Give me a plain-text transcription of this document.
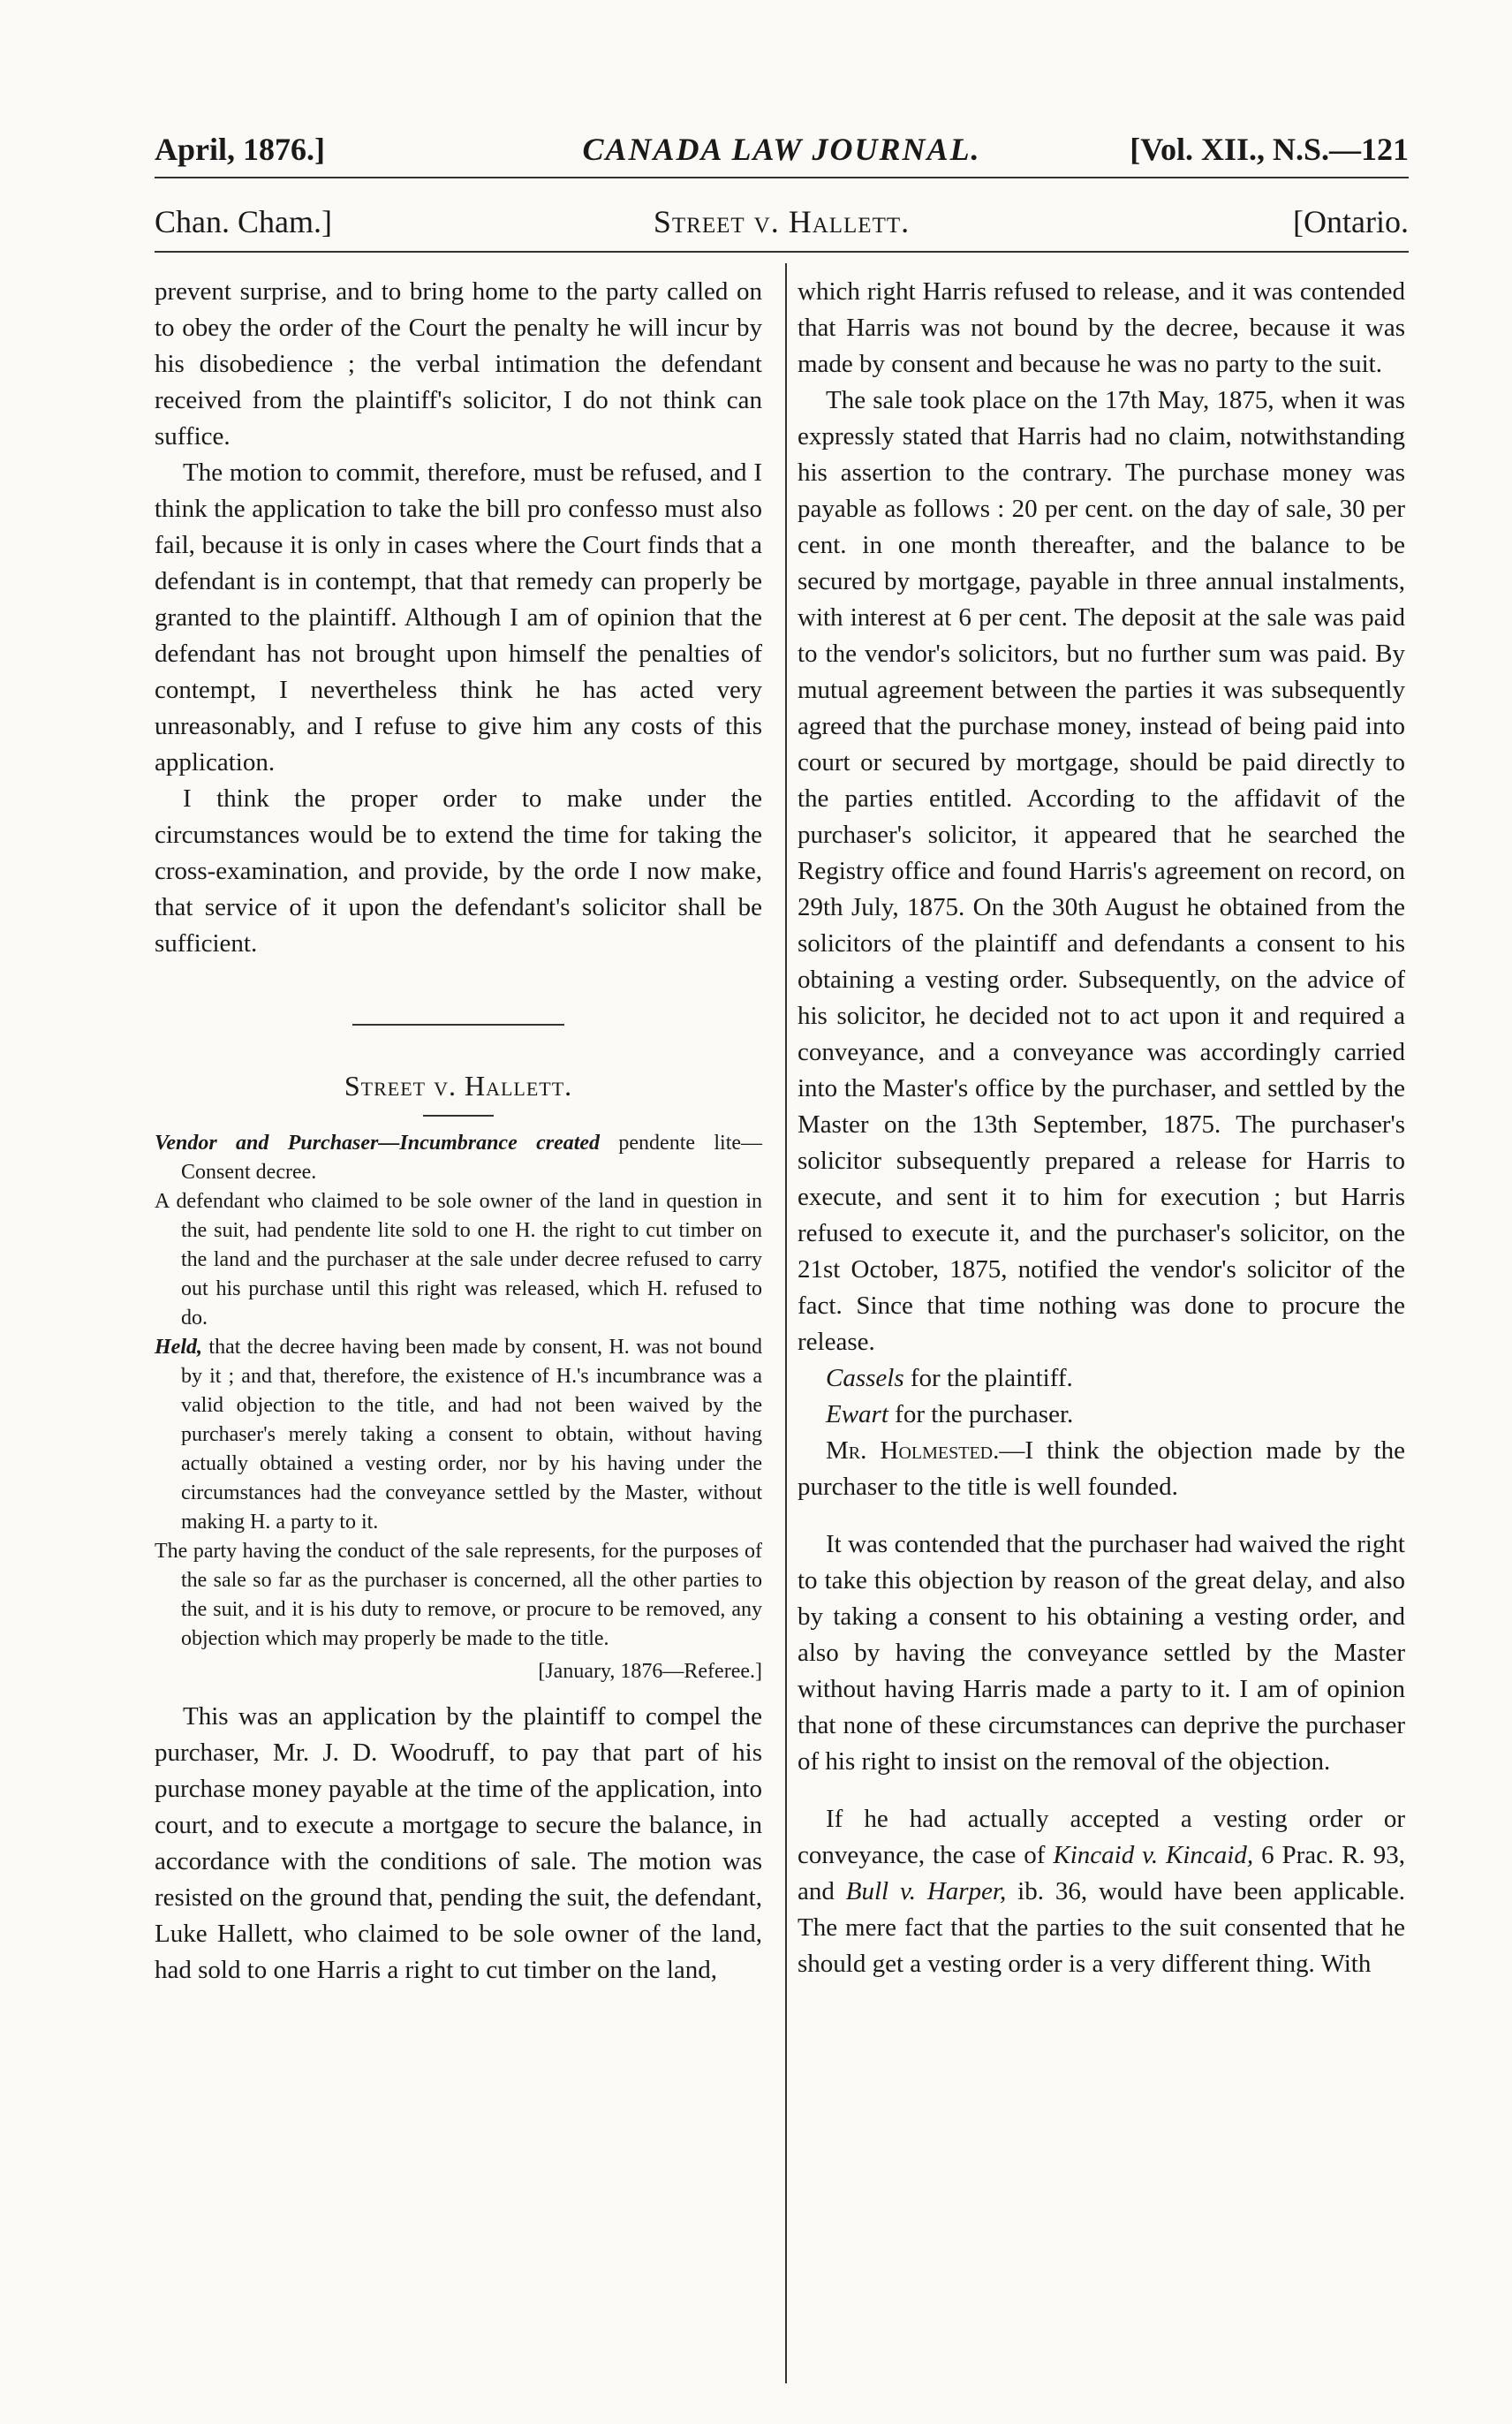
April, 1876.]	CANADA LAW JOURNAL.	[Vol. XII., N.S.—121
Chan. Cham.]	Street v. Hallett.	[Ontario.

prevent surprise, and to bring home to the party called on to obey the order of the Court the penalty he will incur by his disobedience ; the verbal intimation the defendant received from the plaintiff's solicitor, I do not think can suffice.

The motion to commit, therefore, must be refused, and I think the application to take the bill pro confesso must also fail, because it is only in cases where the Court finds that a defendant is in contempt, that that remedy can properly be granted to the plaintiff. Although I am of opinion that the defendant has not brought upon himself the penalties of contempt, I nevertheless think he has acted very unreasonably, and I refuse to give him any costs of this application.

I think the proper order to make under the circumstances would be to extend the time for taking the cross-examination, and provide, by the orde I now make, that service of it upon the defendant's solicitor shall be sufficient.

Street v. Hallett.

Vendor and Purchaser—Incumbrance created pendente lite—Consent decree.

A defendant who claimed to be sole owner of the land in question in the suit, had pendente lite sold to one H. the right to cut timber on the land and the purchaser at the sale under decree refused to carry out his purchase until this right was released, which H. refused to do.

Held, that the decree having been made by consent, H. was not bound by it ; and that, therefore, the existence of H.'s incumbrance was a valid objection to the title, and had not been waived by the purchaser's merely taking a consent to obtain, without having actually obtained a vesting order, nor by his having under the circumstances had the conveyance settled by the Master, without making H. a party to it.

The party having the conduct of the sale represents, for the purposes of the sale so far as the purchaser is concerned, all the other parties to the suit, and it is his duty to remove, or procure to be removed, any objection which may properly be made to the title.

[January, 1876—Referee.]

This was an application by the plaintiff to compel the purchaser, Mr. J. D. Woodruff, to pay that part of his purchase money payable at the time of the application, into court, and to execute a mortgage to secure the balance, in accordance with the conditions of sale. The motion was resisted on the ground that, pending the suit, the defendant, Luke Hallett, who claimed to be sole owner of the land, had sold to one Harris a right to cut timber on the land,

which right Harris refused to release, and it was contended that Harris was not bound by the decree, because it was made by consent and because he was no party to the suit.

The sale took place on the 17th May, 1875, when it was expressly stated that Harris had no claim, notwithstanding his assertion to the contrary. The purchase money was payable as follows : 20 per cent. on the day of sale, 30 per cent. in one month thereafter, and the balance to be secured by mortgage, payable in three annual instalments, with interest at 6 per cent. The deposit at the sale was paid to the vendor's solicitors, but no further sum was paid. By mutual agreement between the parties it was subsequently agreed that the purchase money, instead of being paid into court or secured by mortgage, should be paid directly to the parties entitled. According to the affidavit of the purchaser's solicitor, it appeared that he searched the Registry office and found Harris's agreement on record, on 29th July, 1875. On the 30th August he obtained from the solicitors of the plaintiff and defendants a consent to his obtaining a vesting order. Subsequently, on the advice of his solicitor, he decided not to act upon it and required a conveyance, and a conveyance was accordingly carried into the Master's office by the purchaser, and settled by the Master on the 13th September, 1875. The purchaser's solicitor subsequently prepared a release for Harris to execute, and sent it to him for execution ; but Harris refused to execute it, and the purchaser's solicitor, on the 21st October, 1875, notified the vendor's solicitor of the fact. Since that time nothing was done to procure the release.

Cassels for the plaintiff.

Ewart for the purchaser.

Mr. Holmested.—I think the objection made by the purchaser to the title is well founded.

It was contended that the purchaser had waived the right to take this objection by reason of the great delay, and also by taking a consent to his obtaining a vesting order, and also by having the conveyance settled by the Master without having Harris made a party to it. I am of opinion that none of these circumstances can deprive the purchaser of his right to insist on the removal of the objection.

If he had actually accepted a vesting order or conveyance, the case of Kincaid v. Kincaid, 6 Prac. R. 93, and Bull v. Harper, ib. 36, would have been applicable. The mere fact that the parties to the suit consented that he should get a vesting order is a very different thing. With
